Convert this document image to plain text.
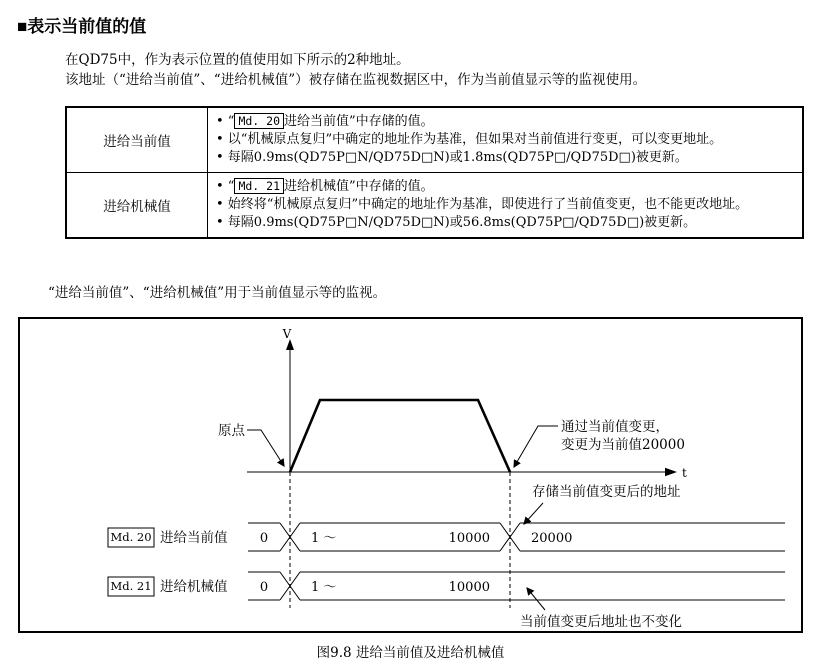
■表示当前值的值
在QD75中，作为表示位置的值使用如下所示的2种地址。
该地址（“进给当前值”、“进给机械值”）被存储在监视数据区中，作为当前值显示等的监视使用。
进给当前值	• “ Md. 20 进给当前值”中存储的值。
• 以“机械原点复归”中确定的地址作为基准，但如果对当前值进行变更，可以变更地址。
• 每隔0.9ms(QD75P□N/QD75D□N)或1.8ms(QD75P□/QD75D□)被更新。

进给机械值	• “ Md. 21 进给机械值”中存储的值。
• 始终将“机械原点复归”中确定的地址作为基准，即使进行了当前值变更，也不能更改地址。
• 每隔0.9ms(QD75P□N/QD75D□N)或56.8ms(QD75P□/QD75D□)被更新。
“进给当前值”、“进给机械值”用于当前值显示等的监视。
V
t
原点	通过当前值变更，
变更为当前值20000
存储当前值变更后的地址
当前值变更后地址也不变化
Md. 20 进给当前值 0	1 ～	10000	20000
Md. 21 进给机械值 0	1 ～	10000
图9.8 进给当前值及进给机械值
